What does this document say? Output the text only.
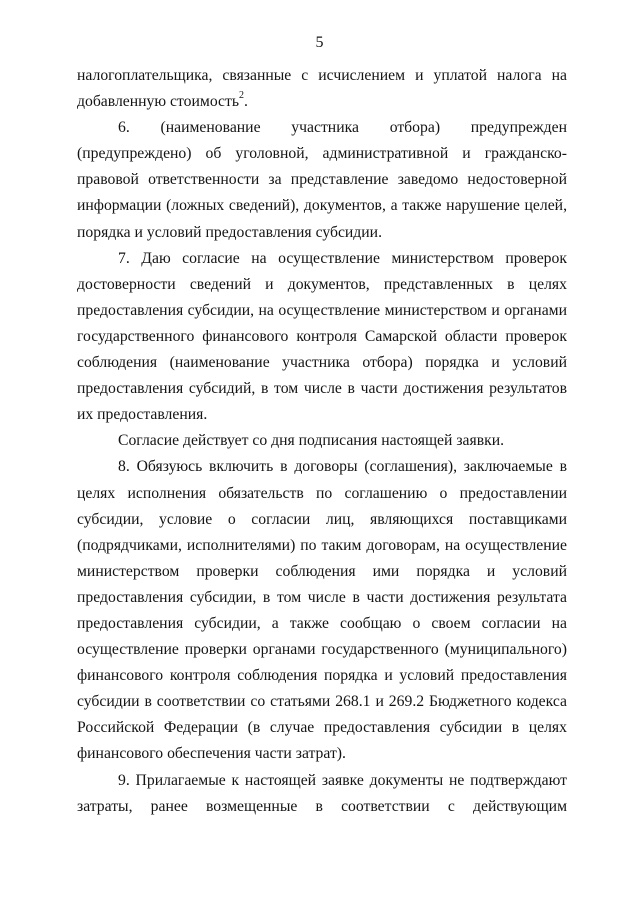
5

налогоплательщика, связанные с исчислением и уплатой налога на добавленную стоимость$^2$.

6. (наименование участника отбора) предупрежден (предупреждено) об уголовной, административной и гражданско-правовой ответственности за представление заведомо недостоверной информации (ложных сведений), документов, а также нарушение целей, порядка и условий предоставления субсидии.

7. Даю согласие на осуществление министерством проверок достоверности сведений и документов, представленных в целях предоставления субсидии, на осуществление министерством и органами государственного финансового контроля Самарской области проверок соблюдения (наименование участника отбора) порядка и условий предоставления субсидий, в том числе в части достижения результатов их предоставления.

Согласие действует со дня подписания настоящей заявки.

8. Обязуюсь включить в договоры (соглашения), заключаемые в целях исполнения обязательств по соглашению о предоставлении субсидии, условие о согласии лиц, являющихся поставщиками (подрядчиками, исполнителями) по таким договорам, на осуществление министерством проверки соблюдения ими порядка и условий предоставления субсидии, в том числе в части достижения результата предоставления субсидии, а также сообщаю о своем согласии на осуществление проверки органами государственного (муниципального) финансового контроля соблюдения порядка и условий предоставления субсидии в соответствии со статьями 268.1 и 269.2 Бюджетного кодекса Российской Федерации (в случае предоставления субсидии в целях финансового обеспечения части затрат).

9. Прилагаемые к настоящей заявке документы не подтверждают затраты, ранее возмещенные в соответствии с действующим
